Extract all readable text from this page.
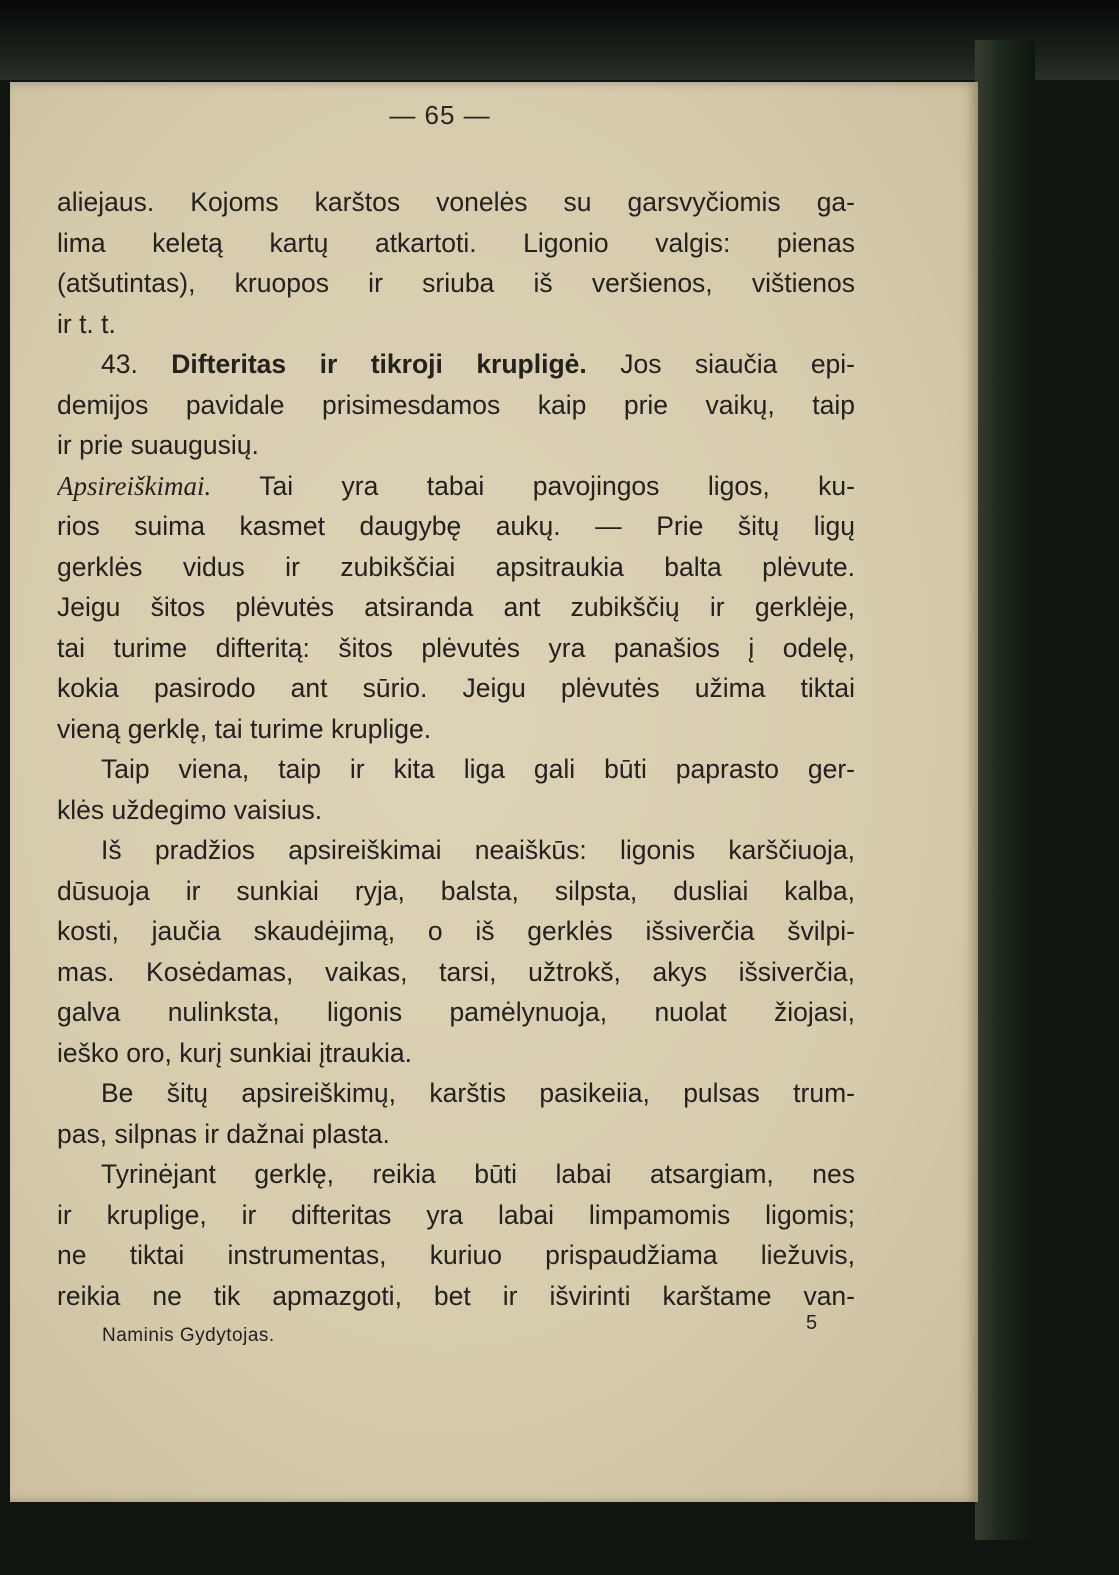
— 65 —
aliejaus. Kojoms karštos vonelės su garsvyčiomis ga-
lima keletą kartų atkartoti. Ligonio valgis: pienas
(atšutintas), kruopos ir sriuba iš veršienos, vištienos
ir t. t.
43. Difteritas ir tikroji krupligė. Jos siaučia epi-
demijos pavidale prisimesdamos kaip prie vaikų, taip
ir prie suaugusių.
Apsireiškimai. Tai yra tabai pavojingos ligos, ku-
rios suima kasmet daugybę aukų. — Prie šitų ligų
gerklės vidus ir zubikščiai apsitraukia balta plėvute.
Jeigu šitos plėvutės atsiranda ant zubikščių ir gerklėje,
tai turime difteritą: šitos plėvutės yra panašios į odelę,
kokia pasirodo ant sūrio. Jeigu plėvutės užima tiktai
vieną gerklę, tai turime kruplige.
Taip viena, taip ir kita liga gali būti paprasto ger-
klės uždegimo vaisius.
Iš pradžios apsireiškimai neaiškūs: ligonis karščiuoja,
dūsuoja ir sunkiai ryja, balsta, silpsta, dusliai kalba,
kosti, jaučia skaudėjimą, o iš gerklės išsiverčia švilpi-
mas. Kosėdamas, vaikas, tarsi, užtrokš, akys išsiverčia,
galva nulinksta, ligonis pamėlynuoja, nuolat žiojasi,
ieško oro, kurį sunkiai įtraukia.
Be šitų apsireiškimų, karštis pasikeiia, pulsas trum-
pas, silpnas ir dažnai plasta.
Tyrinėjant gerklę, reikia būti labai atsargiam, nes
ir kruplige, ir difteritas yra labai limpamomis ligomis;
ne tiktai instrumentas, kuriuo prispaudžiama liežuvis,
reikia ne tik apmazgoti, bet ir išvirinti karštame van-
Naminis Gydytojas.
5
